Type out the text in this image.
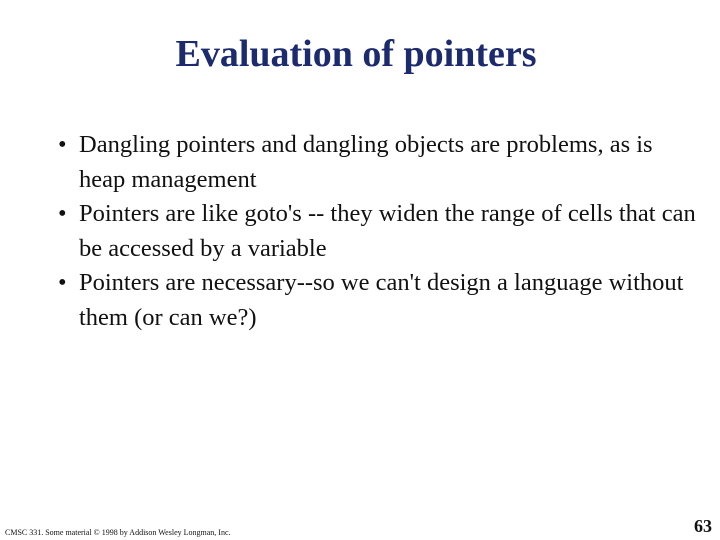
Evaluation of pointers
• Dangling pointers and dangling objects are problems, as is heap management
• Pointers are like goto's -- they widen the range of cells that can be accessed by a variable
• Pointers are necessary--so we can't design a language without them (or can we?)
CMSC 331. Some material © 1998 by Addison Wesley Longman, Inc.	63
